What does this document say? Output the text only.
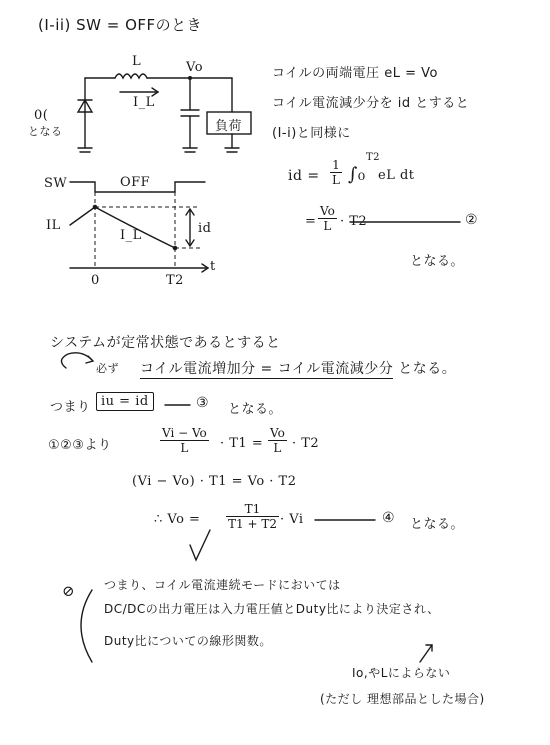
(I-ii) SW = OFFのとき
L	Vo
I_L
0(
となる	負荷
SW	OFF
IL
I_L	id
t
0	T2
コイルの両端電圧 eL = Vo
コイル電流減少分を id とすると
(I-i)と同様に
id = $\frac{1}{L} \int_0$
T2
eL dt
= $\frac{Vo}{L} \cdot T2$	②
となる。
システムが定常状態であるとすると
必ず コイル電流増加分 = コイル電流減少分 となる。
つまり iu = id	③ となる。
①②③より	$\frac{Vi - Vo}{L} \cdot T1 = \frac{Vo}{L} \cdot T2$
(Vi − Vo) · T1 = Vo · T2
∴ $Vo = \frac{T1}{T1 + T2} \cdot Vi$	④ となる。
⊘ つまり、コイル電流連続モードにおいては
DC/DCの出力電圧は入力電圧値とDuty比により決定され、
Duty比についての線形関数。
Io,やLによらない
(ただし 理想部品とした場合)
